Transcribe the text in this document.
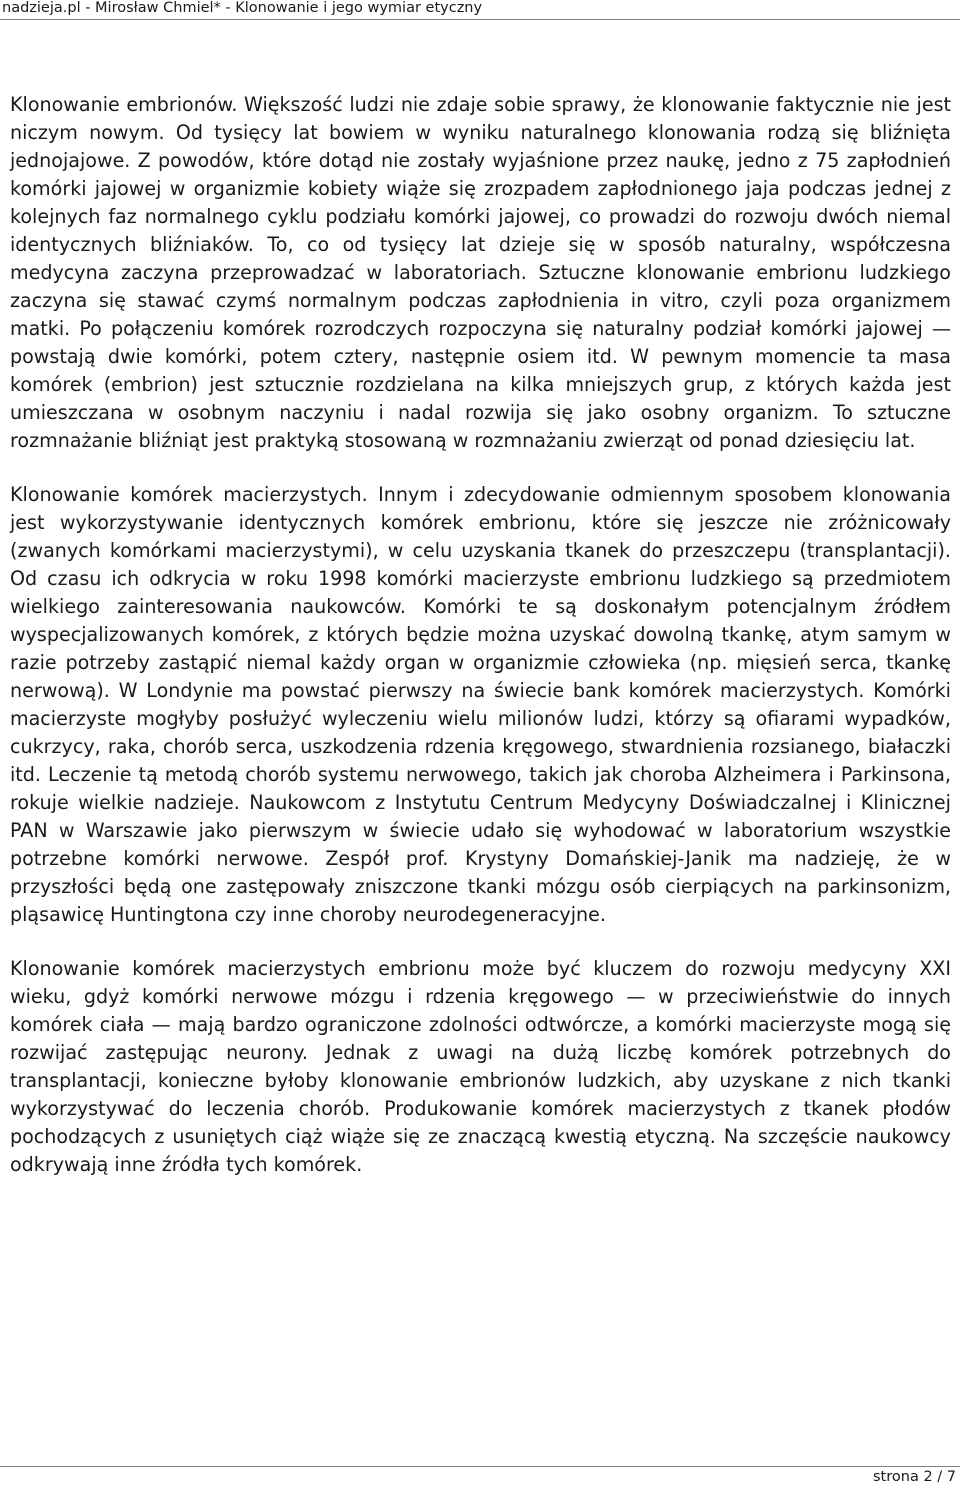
nadzieja.pl - Mirosław Chmiel* - Klonowanie i jego wymiar etyczny

Klonowanie embrionów. Większość ludzi nie zdaje sobie sprawy, że klonowanie faktycznie nie jest niczym nowym. Od tysięcy lat bowiem w wyniku naturalnego klonowania rodzą się bliźnięta jednojajowe. Z powodów, które dotąd nie zostały wyjaśnione przez naukę, jedno z 75 zapłodnień komórki jajowej w organizmie kobiety wiąże się zrozpadem zapłodnionego jaja podczas jednej z kolejnych faz normalnego cyklu podziału komórki jajowej, co prowadzi do rozwoju dwóch niemal identycznych bliźniaków. To, co od tysięcy lat dzieje się w sposób naturalny, współczesna medycyna zaczyna przeprowadzać w laboratoriach. Sztuczne klonowanie embrionu ludzkiego zaczyna się stawać czymś normalnym podczas zapłodnienia in vitro, czyli poza organizmem matki. Po połączeniu komórek rozrodczych rozpoczyna się naturalny podział komórki jajowej — powstają dwie komórki, potem cztery, następnie osiem itd. W pewnym momencie ta masa komórek (embrion) jest sztucznie rozdzielana na kilka mniejszych grup, z których każda jest umieszczana w osobnym naczyniu i nadal rozwija się jako osobny organizm. To sztuczne rozmnażanie bliźniąt jest praktyką stosowaną w rozmnażaniu zwierząt od ponad dziesięciu lat.

Klonowanie komórek macierzystych. Innym i zdecydowanie odmiennym sposobem klonowania jest wykorzystywanie identycznych komórek embrionu, które się jeszcze nie zróżnicowały (zwanych komórkami macierzystymi), w celu uzyskania tkanek do przeszczepu (transplantacji). Od czasu ich odkrycia w roku 1998 komórki macierzyste embrionu ludzkiego są przedmiotem wielkiego zainteresowania naukowców. Komórki te są doskonałym potencjalnym źródłem wyspecjalizowanych komórek, z których będzie można uzyskać dowolną tkankę, atym samym w razie potrzeby zastąpić niemal każdy organ w organizmie człowieka (np. mięsień serca, tkankę nerwową). W Londynie ma powstać pierwszy na świecie bank komórek macierzystych. Komórki macierzyste mogłyby posłużyć wyleczeniu wielu milionów ludzi, którzy są ofiarami wypadków, cukrzycy, raka, chorób serca, uszkodzenia rdzenia kręgowego, stwardnienia rozsianego, białaczki itd. Leczenie tą metodą chorób systemu nerwowego, takich jak choroba Alzheimera i Parkinsona, rokuje wielkie nadzieje. Naukowcom z Instytutu Centrum Medycyny Doświadczalnej i Klinicznej PAN w Warszawie jako pierwszym w świecie udało się wyhodować w laboratorium wszystkie potrzebne komórki nerwowe. Zespół prof. Krystyny Domańskiej-Janik ma nadzieję, że w przyszłości będą one zastępowały zniszczone tkanki mózgu osób cierpiących na parkinsonizm, pląsawicę Huntingtona czy inne choroby neurodegeneracyjne.

Klonowanie komórek macierzystych embrionu może być kluczem do rozwoju medycyny XXI wieku, gdyż komórki nerwowe mózgu i rdzenia kręgowego — w przeciwieństwie do innych komórek ciała — mają bardzo ograniczone zdolności odtwórcze, a komórki macierzyste mogą się rozwijać zastępując neurony. Jednak z uwagi na dużą liczbę komórek potrzebnych do transplantacji, konieczne byłoby klonowanie embrionów ludzkich, aby uzyskane z nich tkanki wykorzystywać do leczenia chorób. Produkowanie komórek macierzystych z tkanek płodów pochodzących z usuniętych ciąż wiąże się ze znaczącą kwestią etyczną. Na szczęście naukowcy odkrywają inne źródła tych komórek.

strona 2 / 7
